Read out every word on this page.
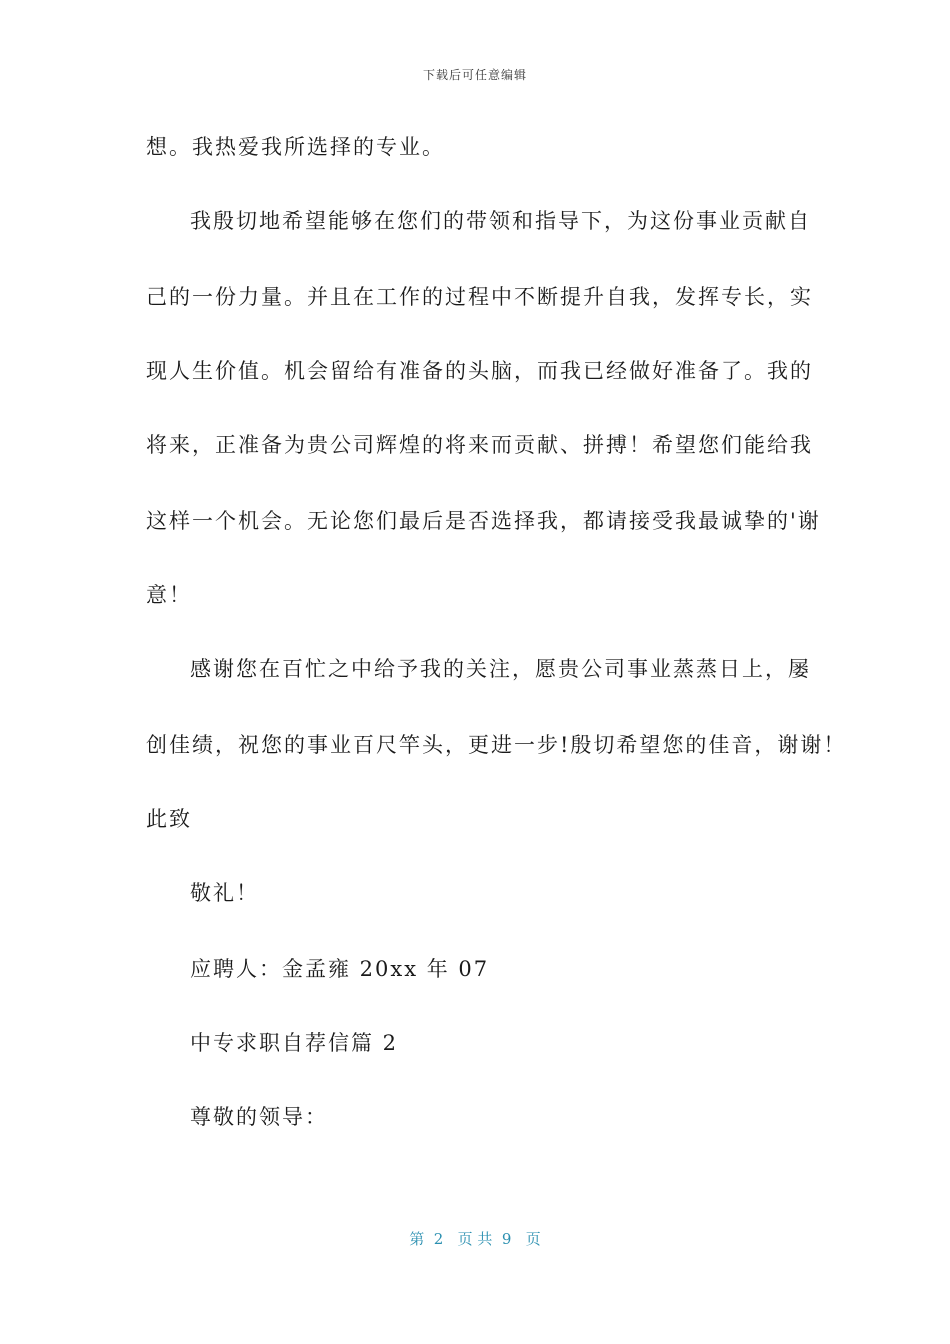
下载后可任意编辑
想。我热爱我所选择的专业。
我殷切地希望能够在您们的带领和指导下，为这份事业贡献自
己的一份力量。并且在工作的过程中不断提升自我，发挥专长，实
现人生价值。机会留给有准备的头脑，而我已经做好准备了。我的
将来，正准备为贵公司辉煌的将来而贡献、拼搏！希望您们能给我
这样一个机会。无论您们最后是否选择我，都请接受我最诚挚的'谢
意！
感谢您在百忙之中给予我的关注，愿贵公司事业蒸蒸日上，屡
创佳绩，祝您的事业百尺竿头，更进一步!殷切希望您的佳音，谢谢！
此致
敬礼！
应聘人：金孟雍 20xx 年 07
中专求职自荐信篇 2
尊敬的领导：
第  2   页 共  9   页
